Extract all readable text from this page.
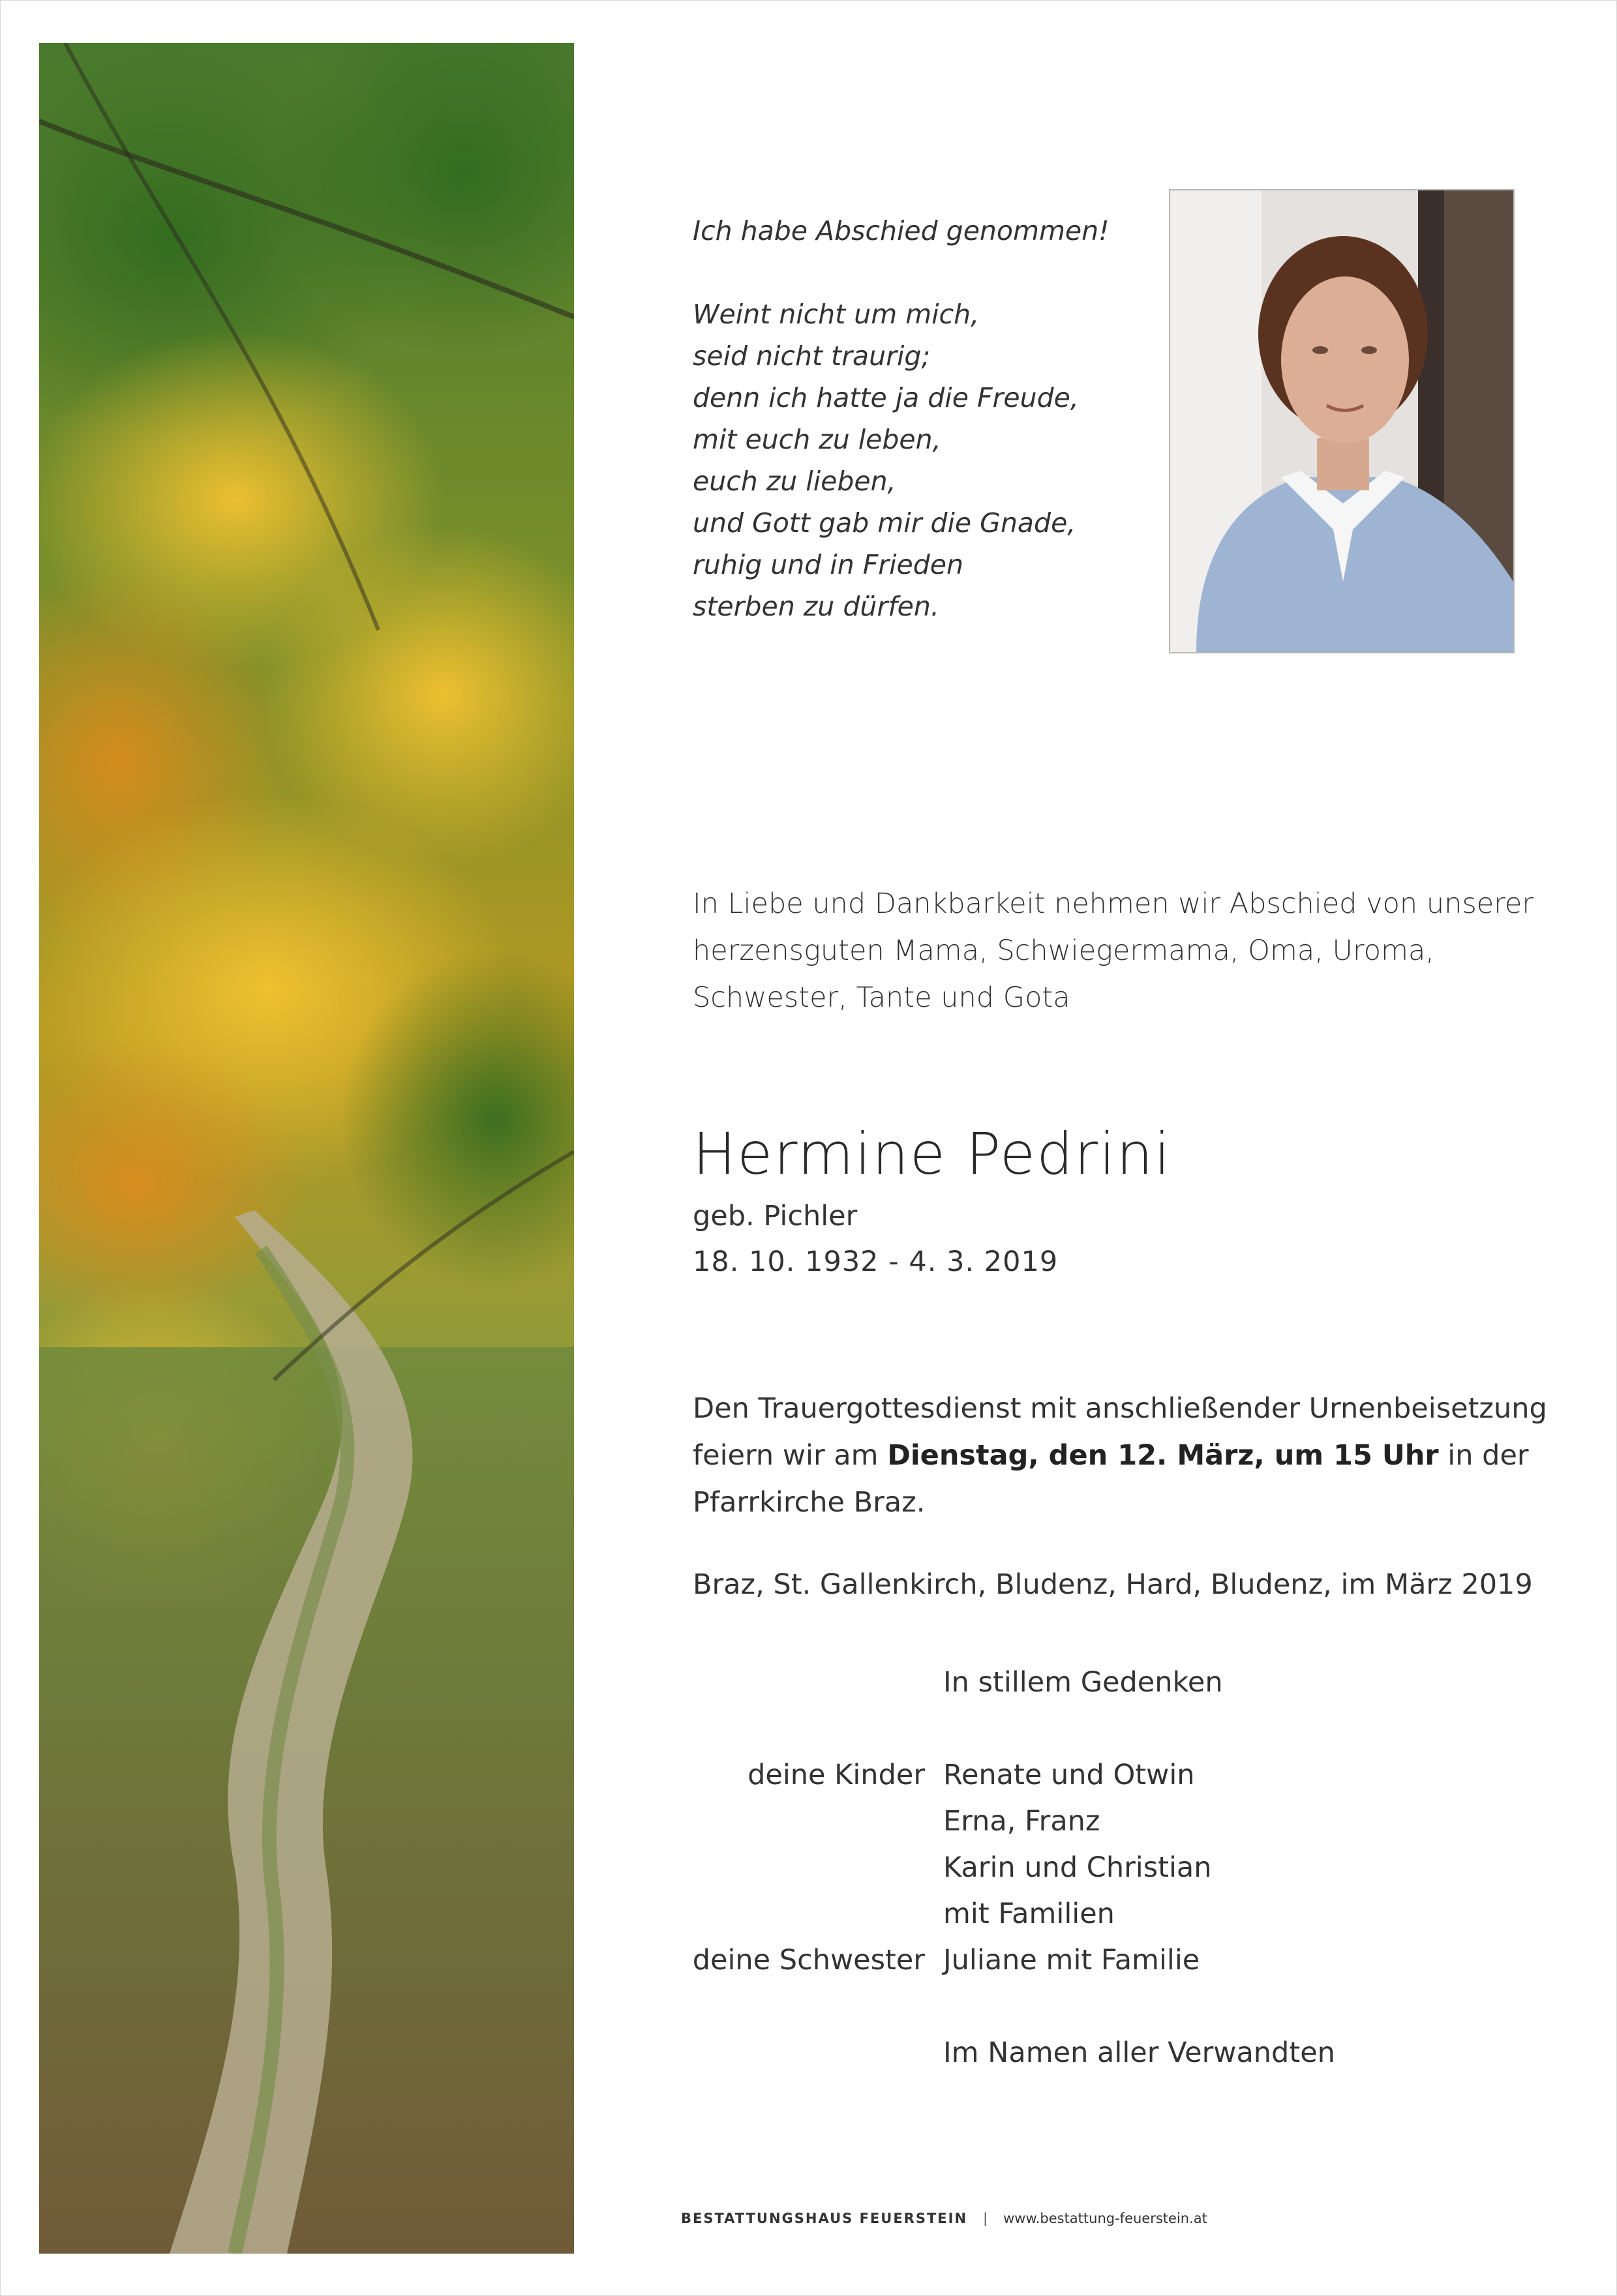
Ich habe Abschied genommen!
Weint nicht um mich,
seid nicht traurig;
denn ich hatte ja die Freude,
mit euch zu leben,
euch zu lieben,
und Gott gab mir die Gnade,
ruhig und in Frieden
sterben zu dürfen.
In Liebe und Dankbarkeit nehmen wir Abschied von unserer
herzensguten Mama, Schwiegermama, Oma, Uroma,
Schwester, Tante und Gota
Hermine Pedrini
geb. Pichler
18. 10. 1932 - 4. 3. 2019
Den Trauergottesdienst mit anschließender Urnenbeisetzung
feiern wir am Dienstag, den 12. März, um 15 Uhr in der
Pfarrkirche Braz.
Braz, St. Gallenkirch, Bludenz, Hard, Bludenz, im März 2019
In stillem Gedenken
deine Kinder Renate und Otwin
Erna, Franz
Karin und Christian
mit Familien
deine Schwester Juliane mit Familie
Im Namen aller Verwandten
BESTATTUNGSHAUS FEUERSTEIN | www.bestattung-feuerstein.at
